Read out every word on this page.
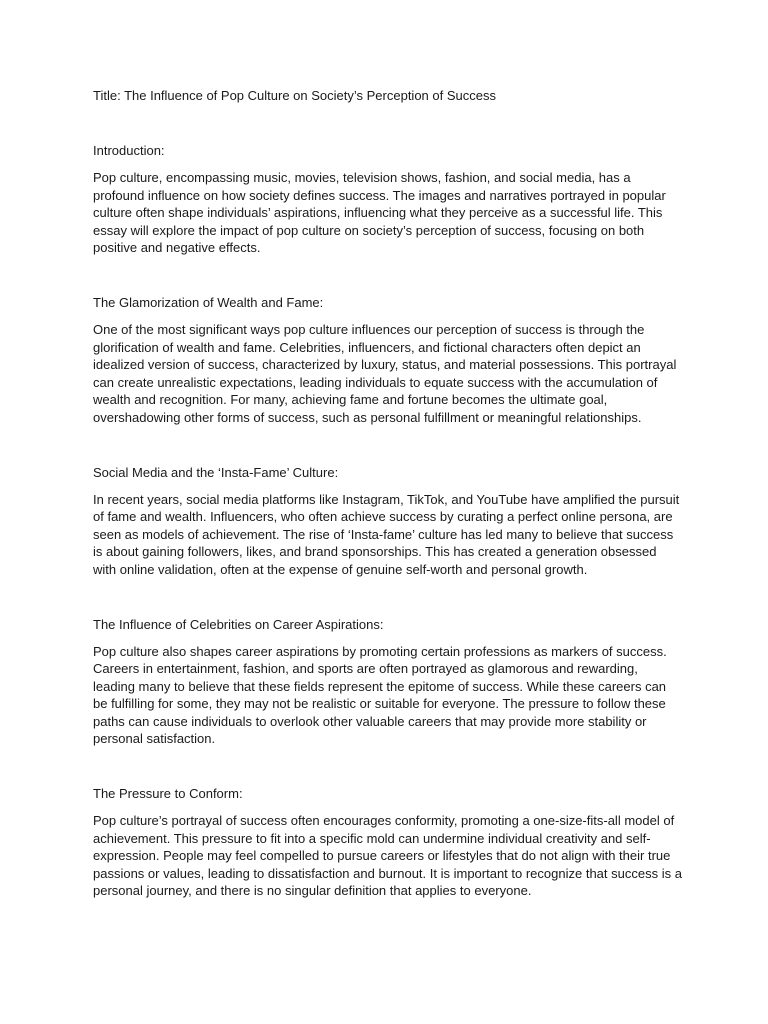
Title: The Influence of Pop Culture on Society’s Perception of Success

Introduction:

Pop culture, encompassing music, movies, television shows, fashion, and social media, has a profound influence on how society defines success. The images and narratives portrayed in popular culture often shape individuals’ aspirations, influencing what they perceive as a successful life. This essay will explore the impact of pop culture on society’s perception of success, focusing on both positive and negative effects.

The Glamorization of Wealth and Fame:

One of the most significant ways pop culture influences our perception of success is through the glorification of wealth and fame. Celebrities, influencers, and fictional characters often depict an idealized version of success, characterized by luxury, status, and material possessions. This portrayal can create unrealistic expectations, leading individuals to equate success with the accumulation of wealth and recognition. For many, achieving fame and fortune becomes the ultimate goal, overshadowing other forms of success, such as personal fulfillment or meaningful relationships.

Social Media and the ‘Insta-Fame’ Culture:

In recent years, social media platforms like Instagram, TikTok, and YouTube have amplified the pursuit of fame and wealth. Influencers, who often achieve success by curating a perfect online persona, are seen as models of achievement. The rise of ‘Insta-fame’ culture has led many to believe that success is about gaining followers, likes, and brand sponsorships. This has created a generation obsessed with online validation, often at the expense of genuine self-worth and personal growth.

The Influence of Celebrities on Career Aspirations:

Pop culture also shapes career aspirations by promoting certain professions as markers of success. Careers in entertainment, fashion, and sports are often portrayed as glamorous and rewarding, leading many to believe that these fields represent the epitome of success. While these careers can be fulfilling for some, they may not be realistic or suitable for everyone. The pressure to follow these paths can cause individuals to overlook other valuable careers that may provide more stability or personal satisfaction.

The Pressure to Conform:

Pop culture’s portrayal of success often encourages conformity, promoting a one-size-fits-all model of achievement. This pressure to fit into a specific mold can undermine individual creativity and self-expression. People may feel compelled to pursue careers or lifestyles that do not align with their true passions or values, leading to dissatisfaction and burnout. It is important to recognize that success is a personal journey, and there is no singular definition that applies to everyone.
